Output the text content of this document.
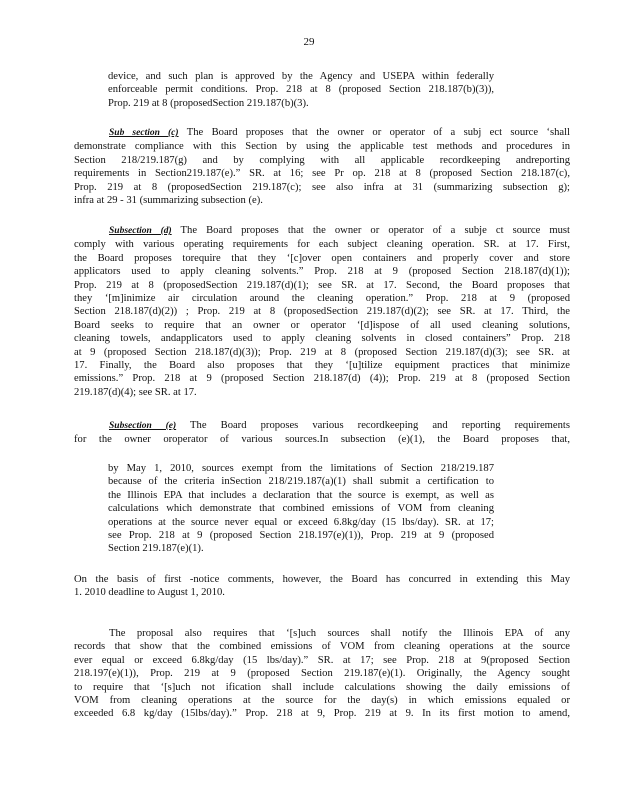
29
device, and such plan is approved by the Agency and USEPA within federally
enforceable permit conditions. Prop. 218 at 8 (proposed Section 218.187(b)(3)),
Prop. 219 at 8 (proposedSection 219.187(b)(3).
Sub section (c) The Board proposes that the owner or operator of a subj ect source ‘shall
demonstrate compliance with this Section by using the applicable test methods and procedures in
Section 218/219.187(g) and by complying with all applicable recordkeeping andreporting
requirements in Section219.187(e).” SR. at 16; see Pr op. 218 at 8 (proposed Section 218.187(c),
Prop. 219 at 8 (proposedSection 219.187(c); see also infra at 31 (summarizing subsection g);
infra at 29 - 31 (summarizing subsection (e).
Subsection (d) The Board proposes that the owner or operator of a subje ct source must
comply with various operating requirements for each subject cleaning operation. SR. at 17. First,
the Board proposes torequire that they ‘[c]over open containers and properly cover and store
applicators used to apply cleaning solvents.” Prop. 218 at 9 (proposed Section 218.187(d)(1));
Prop. 219 at 8 (proposedSection 219.187(d)(1); see SR. at 17. Second, the Board proposes that
they ‘[m]inimize air circulation around the cleaning operation.” Prop. 218 at 9 (proposed
Section 218.187(d)(2)) ; Prop. 219 at 8 (proposedSection 219.187(d)(2); see SR. at 17. Third, the
Board seeks to require that an owner or operator ‘[d]ispose of all used cleaning solutions,
cleaning towels, andapplicators used to apply cleaning solvents in closed containers” Prop. 218
at 9 (proposed Section 218.187(d)(3)); Prop. 219 at 8 (proposed Section 219.187(d)(3); see SR. at
17. Finally, the Board also proposes that they ‘[u]tilize equipment practices that minimize
emissions.” Prop. 218 at 9 (proposed Section 218.187(d) (4)); Prop. 219 at 8 (proposed Section
219.187(d)(4); see SR. at 17.
Subsection (e) The Board proposes various recordkeeping and reporting requirements
for the owner oroperator of various sources.In subsection (e)(1), the Board proposes that,
by May 1, 2010, sources exempt from the limitations of Section 218/219.187
because of the criteria inSection 218/219.187(a)(1) shall submit a certification to
the Illinois EPA that includes a declaration that the source is exempt, as well as
calculations which demonstrate that combined emissions of VOM from cleaning
operations at the source never equal or exceed 6.8kg/day (15 lbs/day). SR. at 17;
see Prop. 218 at 9 (proposed Section 218.197(e)(1)), Prop. 219 at 9 (proposed
Section 219.187(e)(1).
On the basis of first -notice comments, however, the Board has concurred in extending this May
1. 2010 deadline to August 1, 2010.
The proposal also requires that ‘[s]uch sources shall notify the Illinois EPA of any
records that show that the combined emissions of VOM from cleaning operations at the source
ever equal or exceed 6.8kg/day (15 lbs/day).” SR. at 17; see Prop. 218 at 9(proposed Section
218.197(e)(1)), Prop. 219 at 9 (proposed Section 219.187(e)(1). Originally, the Agency sought
to require that ‘[s]uch not ification shall include calculations showing the daily emissions of
VOM from cleaning operations at the source for the day(s) in which emissions equaled or
exceeded 6.8 kg/day (15lbs/day).” Prop. 218 at 9, Prop. 219 at 9. In its first motion to amend,
